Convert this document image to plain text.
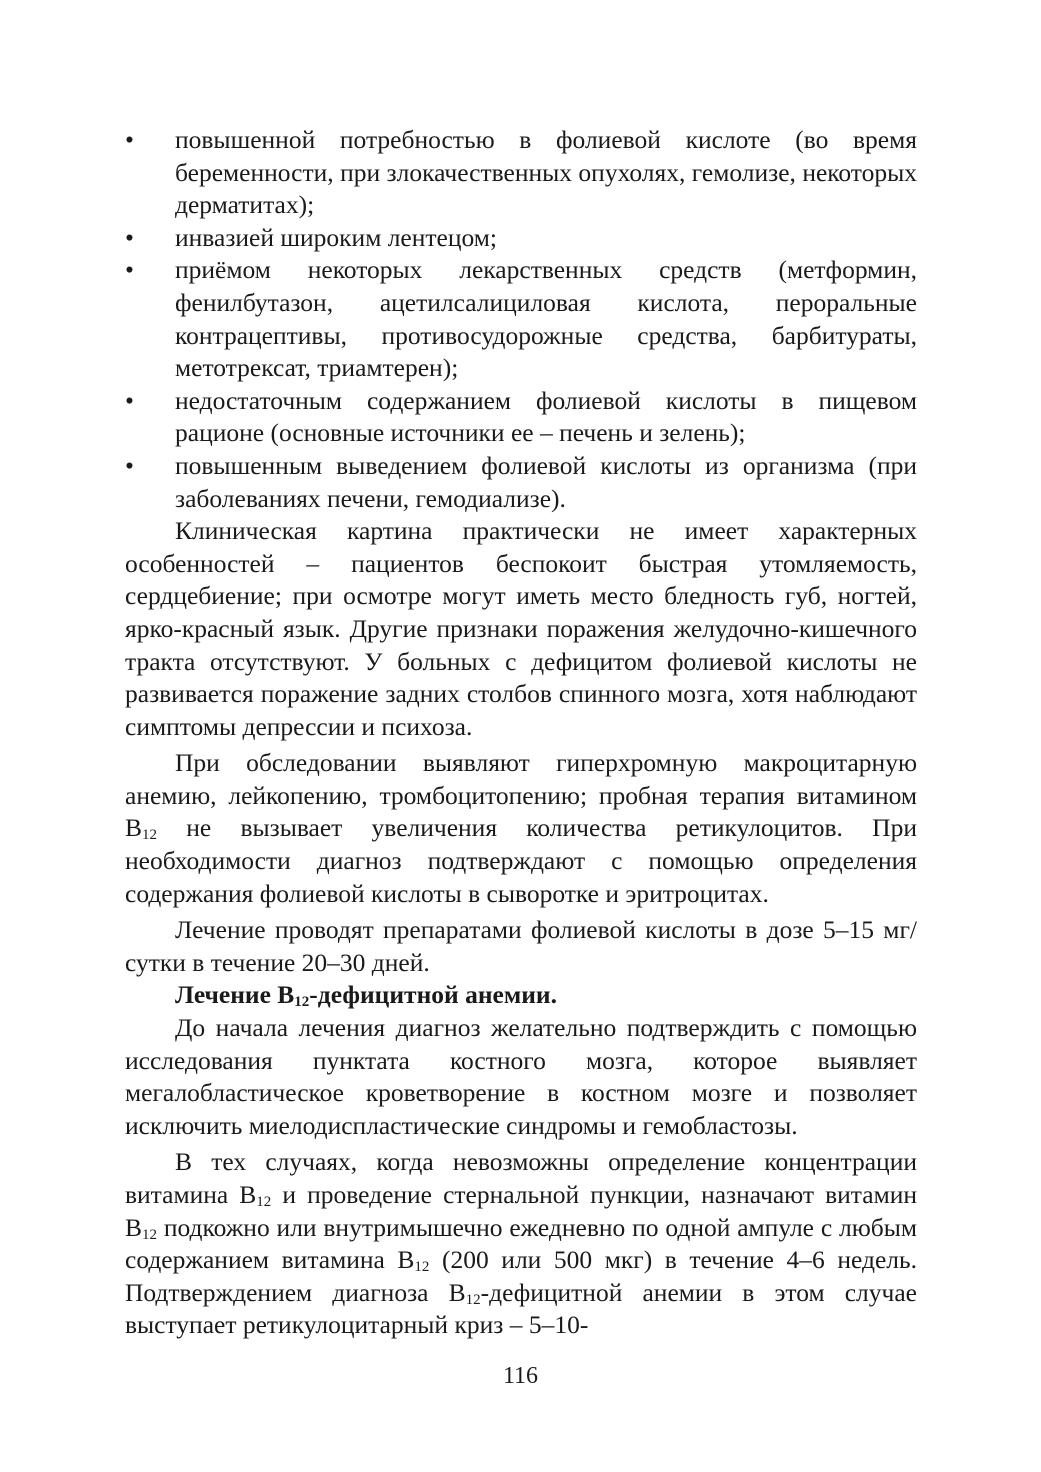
• повышенной потребностью в фолиевой кислоте (во время беременности, при злокачественных опухолях, гемолизе, некоторых дерматитах);
• инвазией широким лентецом;
• приёмом некоторых лекарственных средств (метформин, фенилбутазон, ацетилсалициловая кислота, пероральные контрацептивы, противосудорожные средства, барбитураты, метотрексат, триамтерен);
• недостаточным содержанием фолиевой кислоты в пищевом рационе (основные источники ее – печень и зелень);
• повышенным выведением фолиевой кислоты из организма (при заболеваниях печени, гемодиализе).

Клиническая картина практически не имеет характерных особенностей – пациентов беспокоит быстрая утомляемость, сердцебиение; при осмотре могут иметь место бледность губ, ногтей, ярко-красный язык. Другие признаки поражения желудочно-кишечного тракта отсутствуют. У больных с дефицитом фолиевой кислоты не развивается поражение задних столбов спинного мозга, хотя наблюдают симптомы депрессии и психоза.

При обследовании выявляют гиперхромную макроцитарную анемию, лейкопению, тромбоцитопению; пробная терапия витамином $B_{12}$ не вызывает увеличения количества ретикулоцитов. При необходимости диагноз подтверждают с помощью определения содержания фолиевой кислоты в сыворотке и эритроцитах.

Лечение проводят препаратами фолиевой кислоты в дозе 5–15 мг/сутки в течение 20–30 дней.

Лечение $B_{12}$-дефицитной анемии.

До начала лечения диагноз желательно подтверждить с помощью исследования пунктата костного мозга, которое выявляет мегалобластическое кроветворение в костном мозге и позволяет исключить миелодиспластические синдромы и гемобластозы.

В тех случаях, когда невозможны определение концентрации витамина $B_{12}$ и проведение стернальной пункции, назначают витамин $B_{12}$ подкожно или внутримышечно ежедневно по одной ампуле с любым содержанием витамина $B_{12}$ (200 или 500 мкг) в течение 4–6 недель. Подтверждением диагноза $B_{12}$-дефицитной анемии в этом случае выступает ретикулоцитарный криз – 5–10-

116
